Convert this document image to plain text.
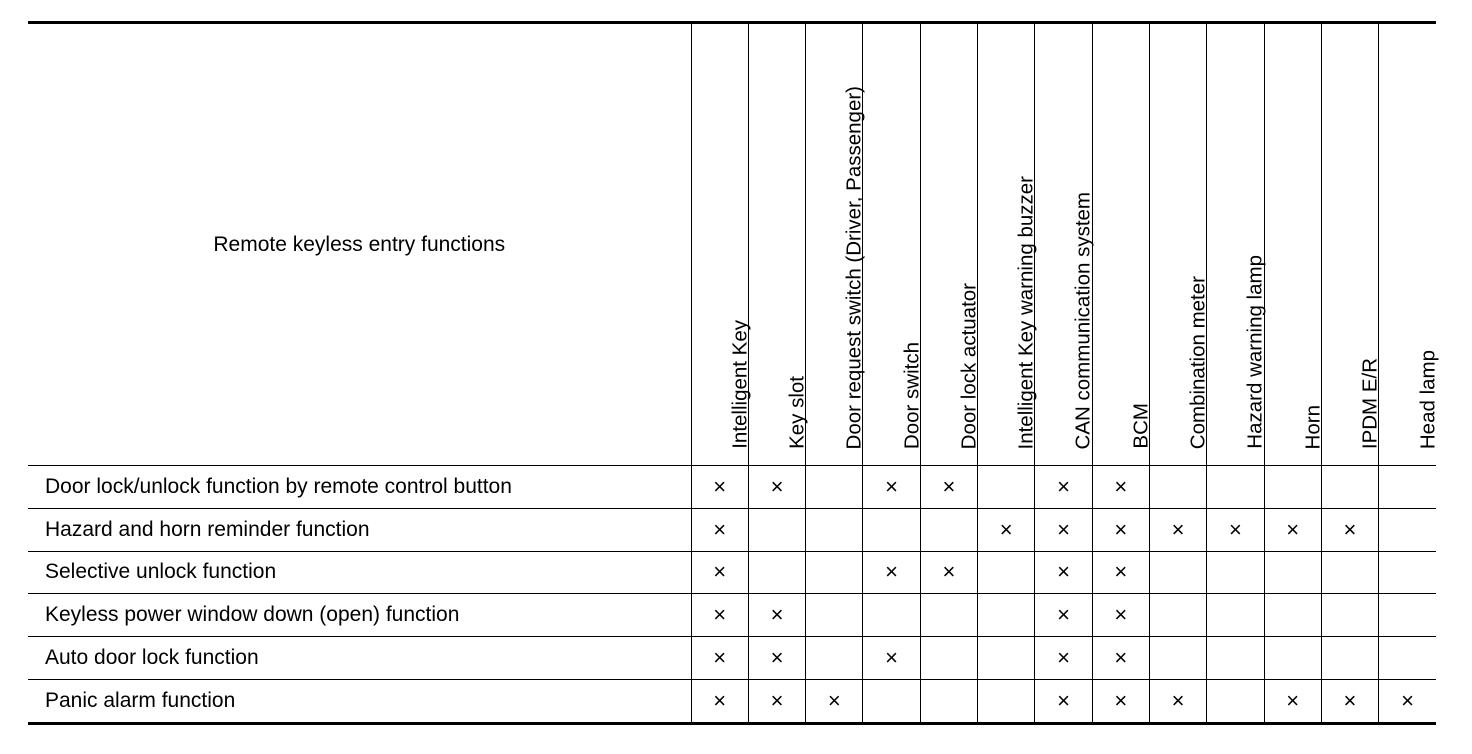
Remote keyless entry functions	Intelligent Key	Key slot	Door request switch (Driver, Passenger)	Door switch	Door lock actuator	Intelligent Key warning buzzer	CAN communication system	BCM	Combination meter	Hazard warning lamp	Horn	IPDM E/R	Head lamp

Door lock/unlock function by remote control button	×	×		×	×		×	×					
Hazard and horn reminder function	×					×	×	×	×	×	×	×	
Selective unlock function	×			×	×		×	×					
Keyless power window down (open) function	×	×					×	×					
Auto door lock function	×	×		×			×	×					
Panic alarm function	×	×	×				×	×	×		×	×	×
